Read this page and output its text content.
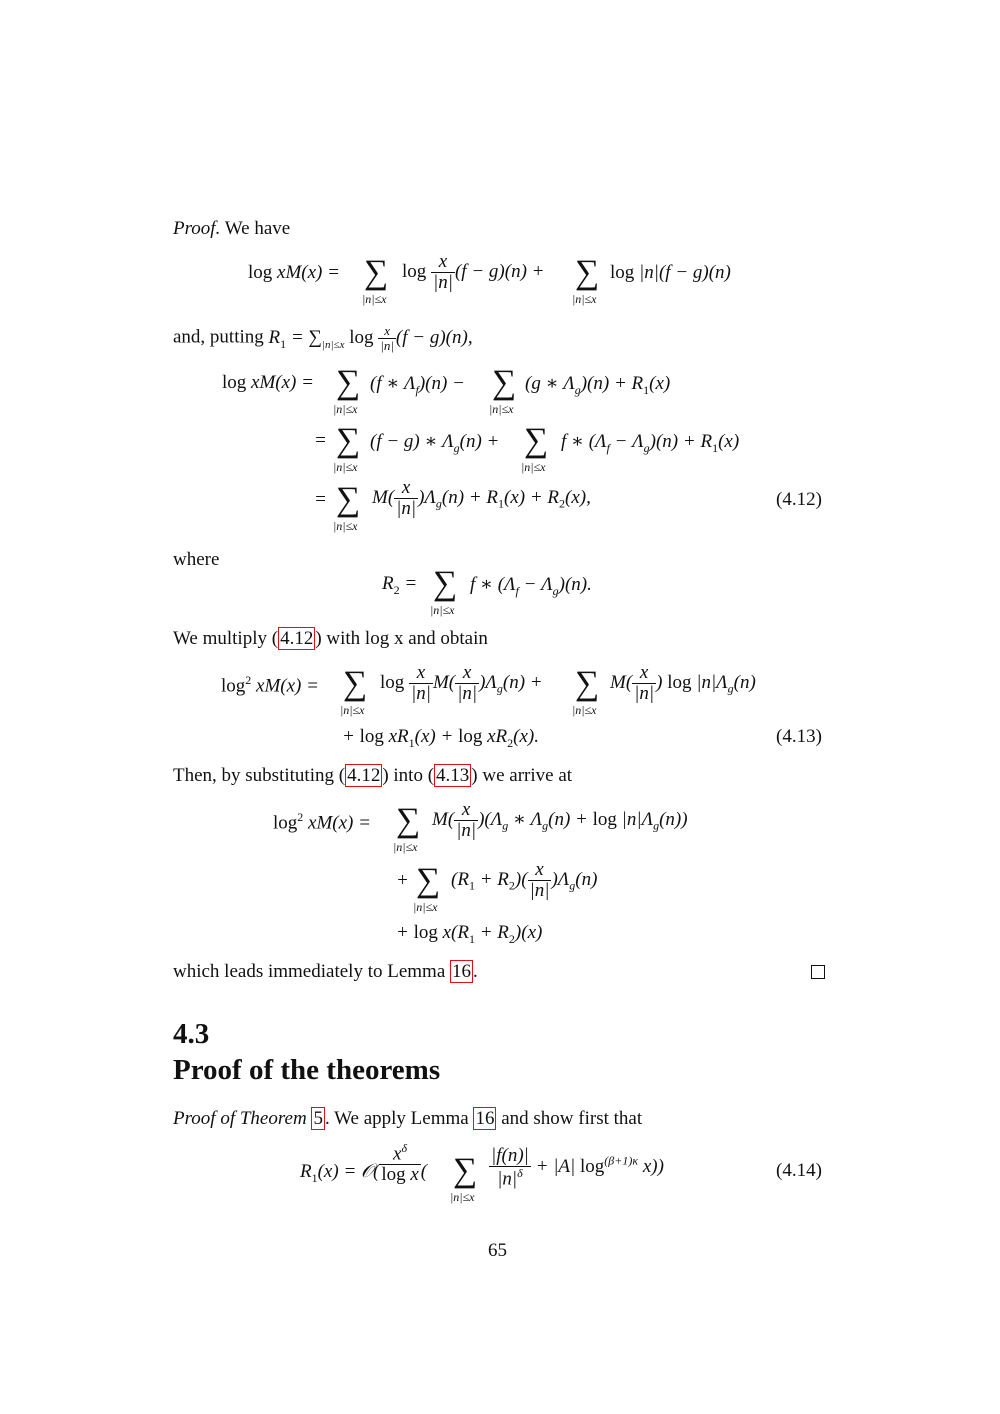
Proof. We have
log xM(x) = ∑
|n|≤x
$\log \frac{x}{|n|} (f - g)(n)$ + ∑
|n|≤x
log |n|(f − g)(n)
and, putting $R_1 = \sum_{|n|\le x}$ $\log \frac{x}{|n|} (f - g)(n)$,
log xM(x) = ∑
|n|≤x
(f ∗ $\Lambda_f)(n)$ − ∑
|n|≤x
(g ∗ $\Lambda_g)(n) + R_1(x)$
= ∑
|n|≤x
(f − g) ∗ $\Lambda_g(n)$ + ∑
|n|≤x
f ∗ $(\Lambda_f - \Lambda_g)(n) + R_1(x)$
= ∑
|n|≤x
$M( \frac{x}{|n|} )\Lambda_g(n) + R_1(x) + R_2(x)$,	(4.12)
where
$R_2$ = ∑
|n|≤x
f ∗ $(\Lambda_f - \Lambda_g)(n)$.
We multiply ( 4.12 ) with log x and obtain
$\log^2 xM(x)$ = ∑
|n|≤x
$\log \frac{x}{|n|} M( \frac{x}{|n|} )\Lambda_g(n)$ + ∑
|n|≤x
$M( \frac{x}{|n|}$ ) $\log |n|\Lambda_g(n)$
+ $\log xR_1(x) + \log xR_2(x)$.	(4.13)
Then, by substituting ( 4.12 ) into ( 4.13 ) we arrive at
$\log^2 xM(x)$ = ∑
|n|≤x
$M( \frac{x}{|n|} )(\Lambda_g$ ∗ $\Lambda_g(n) + \log |n|\Lambda_g(n)$)
+ ∑
|n|≤x
$(R_1 + R_2)( \frac{x}{|n|} )\Lambda_g(n)$
+ $\log x(R_1 + R_2)(x)$
which leads immediately to Lemma 16 .
4.3
Proof of the theorems
Proof of Theorem 5 . We apply Lemma 16 and show first that
$R_1(x)$ = 𝒪( $\frac{x^\delta}{\text{log x}}$ ( ∑
|n|≤x
$\frac{|f(n)|}{|n|^\delta} + |A|$ $\log^{(\beta+1)\kappa} x$))	(4.14)
65
